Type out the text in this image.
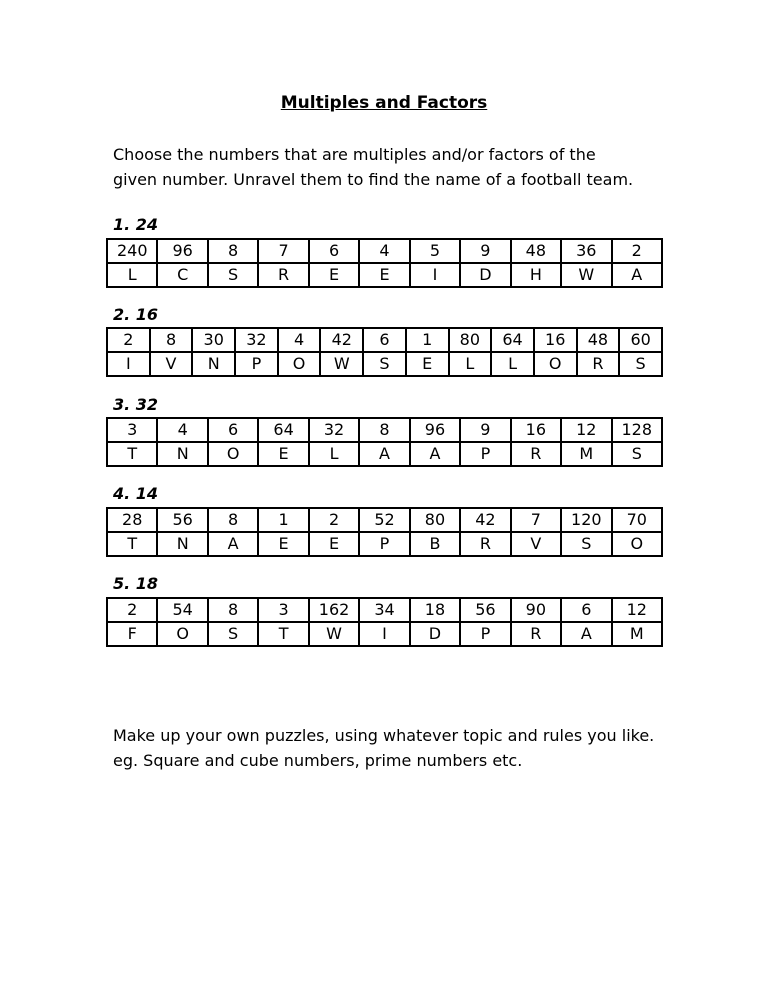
Multiples and Factors
Choose the numbers that are multiples and/or factors of the
given number. Unravel them to find the name of a football team.
1. 24
240	96	8	7	6	4	5	9	48	36	2
L	C	S	R	E	E	I	D	H	W	A
2. 16
2	8	30	32	4	42	6	1	80	64	16	48	60
I	V	N	P	O	W	S	E	L	L	O	R	S
3. 32
3	4	6	64	32	8	96	9	16	12	128
T	N	O	E	L	A	A	P	R	M	S
4. 14
28	56	8	1	2	52	80	42	7	120	70
T	N	A	E	E	P	B	R	V	S	O
5. 18
2	54	8	3	162	34	18	56	90	6	12
F	O	S	T	W	I	D	P	R	A	M
Make up your own puzzles, using whatever topic and rules you like.
eg. Square and cube numbers, prime numbers etc.
